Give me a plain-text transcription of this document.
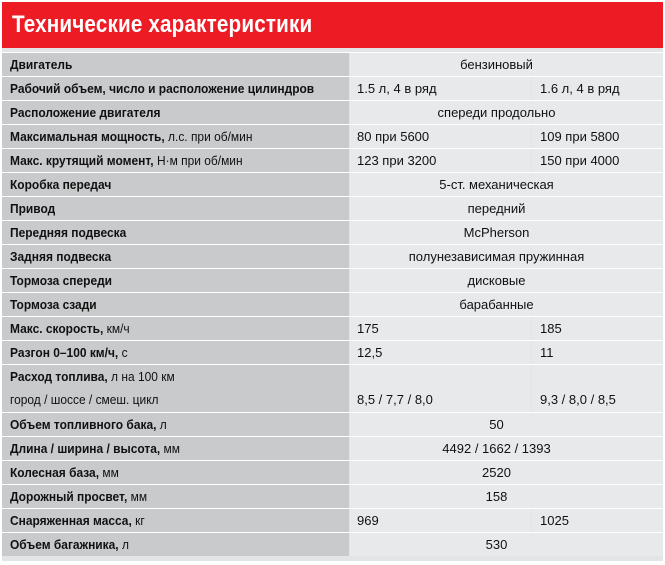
Технические характеристики
Двигатель	бензиновый
Рабочий объем, число и расположение цилиндров	1.5 л, 4 в ряд	1.6 л, 4 в ряд
Расположение двигателя	спереди продольно
Максимальная мощность, л.с. при об/мин	80 при 5600	109 при 5800
Макс. крутящий момент, Н·м при об/мин	123 при 3200	150 при 4000
Коробка передач	5-ст. механическая
Привод	передний
Передняя подвеска	McPherson
Задняя подвеска	полунезависимая пружинная
Тормоза спереди	дисковые
Тормоза сзади	барабанные
Макс. скорость, км/ч	175	185
Разгон 0–100 км/ч, с	12,5	11
Расход топлива, л на 100 км
город / шоссе / смеш. цикл	8,5 / 7,7 / 8,0	9,3 / 8,0 / 8,5
Объем топливного бака, л	50
Длина / ширина / высота, мм	4492 / 1662 / 1393
Колесная база, мм	2520
Дорожный просвет, мм	158
Снаряженная масса, кг	969	1025
Объем багажника, л	530
